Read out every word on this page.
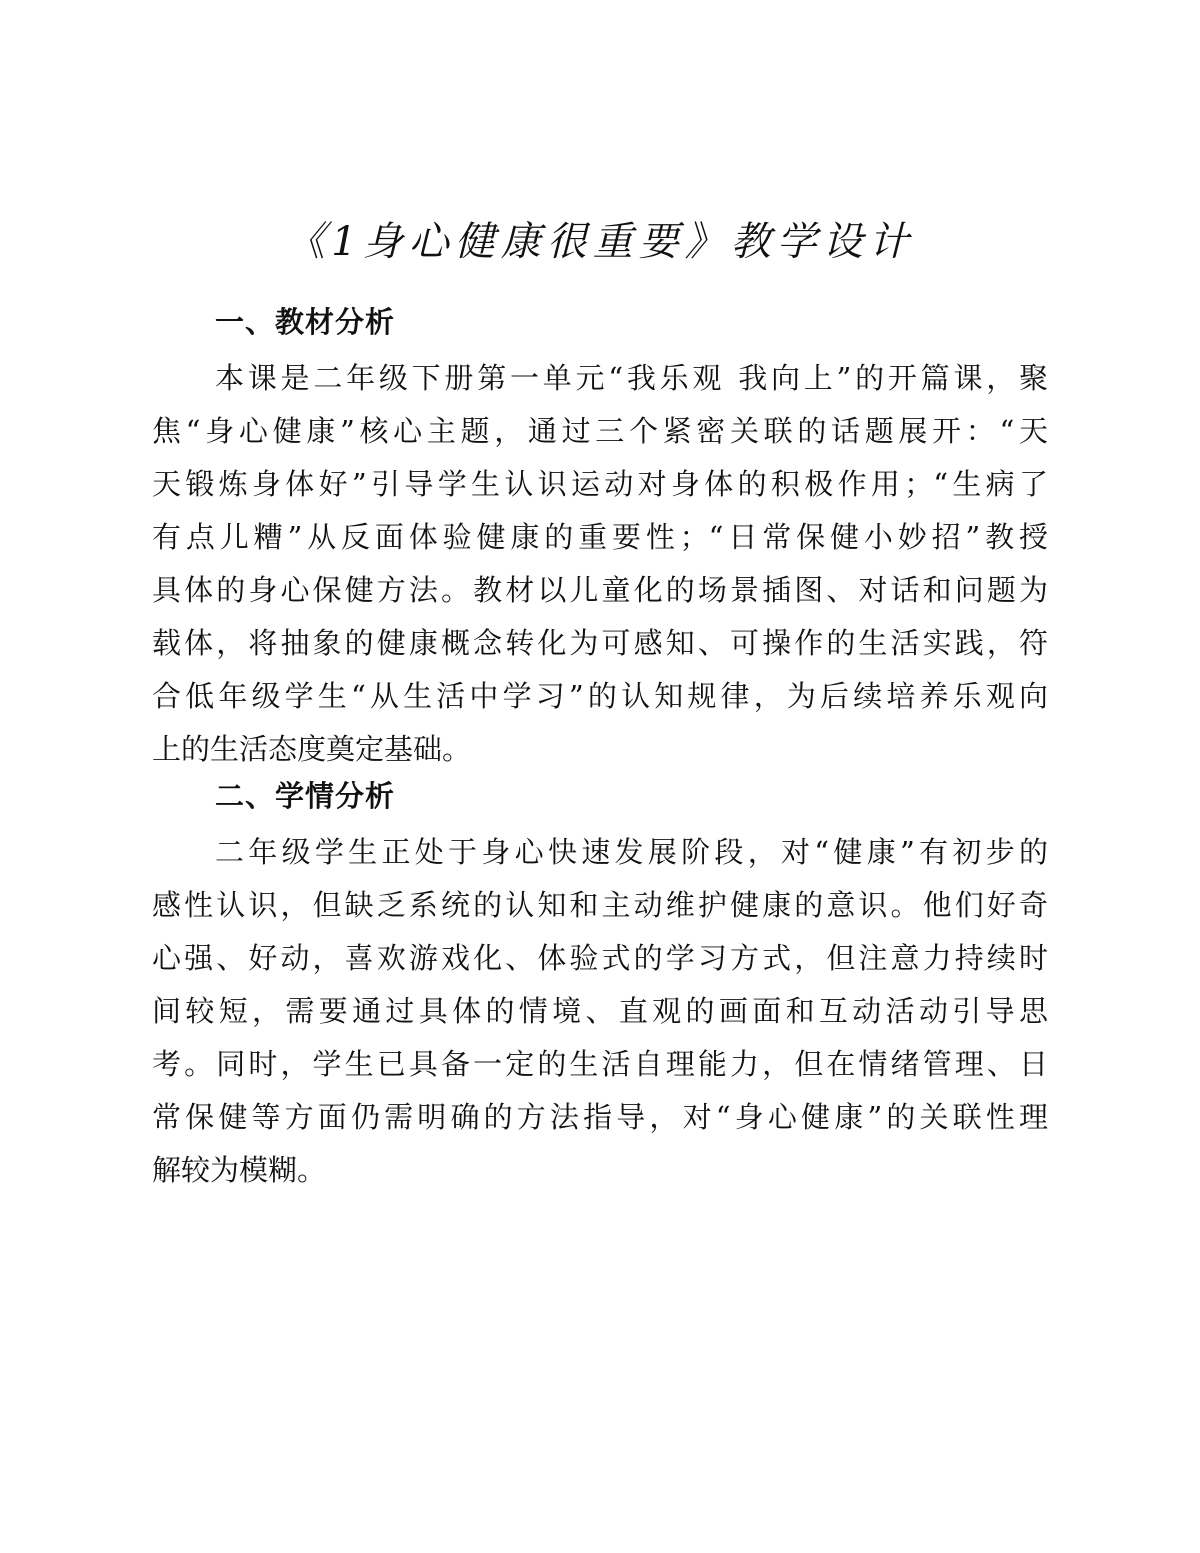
《1身心健康很重要》教学设计
一、教材分析
本课是二年级下册第一单元“我乐观 我向上”的开篇课，聚
焦“身心健康”核心主题，通过三个紧密关联的话题展开：“天
天锻炼身体好”引导学生认识运动对身体的积极作用；“生病了
有点儿糟”从反面体验健康的重要性；“日常保健小妙招”教授
具体的身心保健方法。教材以儿童化的场景插图、对话和问题为
载体，将抽象的健康概念转化为可感知、可操作的生活实践，符
合低年级学生“从生活中学习”的认知规律，为后续培养乐观向
上的生活态度奠定基础。
二、学情分析
二年级学生正处于身心快速发展阶段，对“健康”有初步的
感性认识，但缺乏系统的认知和主动维护健康的意识。他们好奇
心强、好动，喜欢游戏化、体验式的学习方式，但注意力持续时
间较短，需要通过具体的情境、直观的画面和互动活动引导思
考。同时，学生已具备一定的生活自理能力，但在情绪管理、日
常保健等方面仍需明确的方法指导，对“身心健康”的关联性理
解较为模糊。
